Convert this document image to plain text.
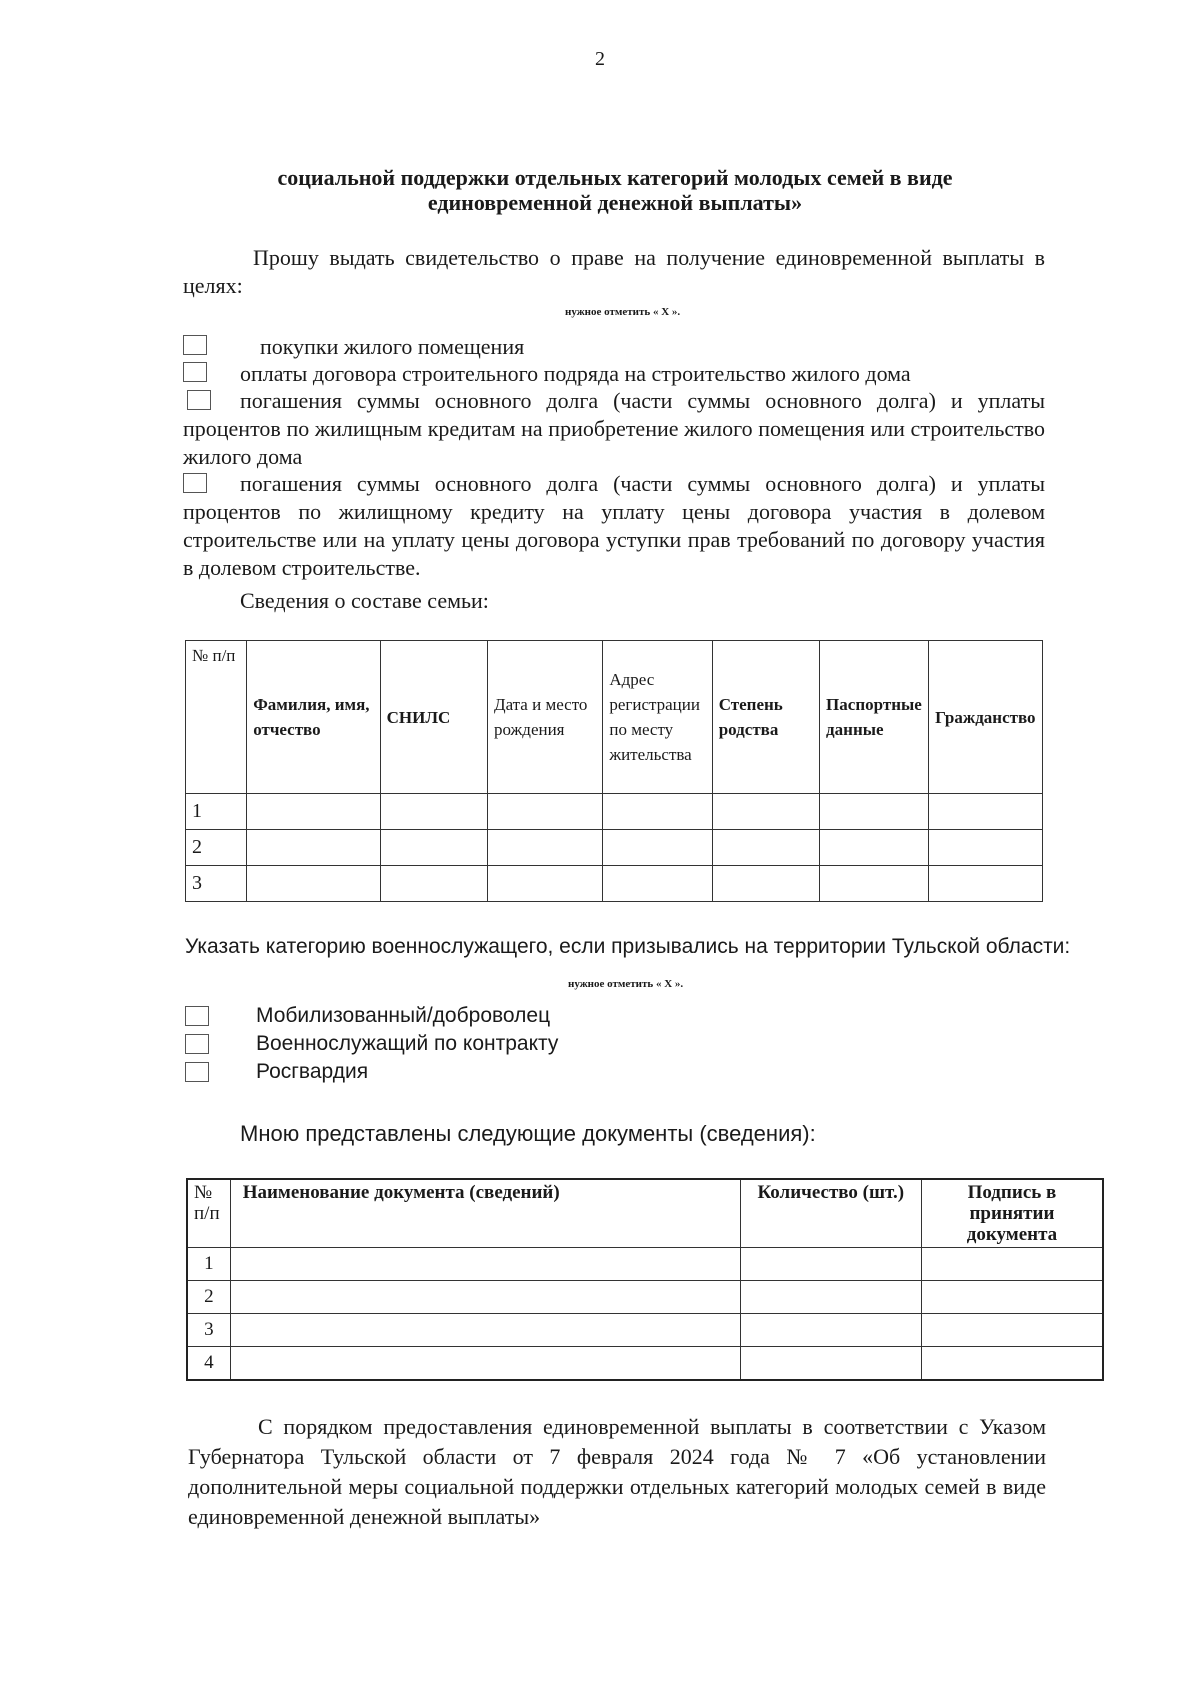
2
социальной поддержки отдельных категорий молодых семей в виде
единовременной денежной выплаты»
Прошу выдать свидетельство о праве на получение единовременной выплаты в целях:
нужное отметить « Х ».
покупки жилого помещения
оплаты договора строительного подряда на строительство жилого дома
погашения суммы основного долга (части суммы основного долга) и уплаты процентов по жилищным кредитам на приобретение жилого помещения или строительство жилого дома
погашения суммы основного долга (части суммы основного долга) и уплаты процентов по жилищному кредиту на уплату цены договора участия в долевом строительстве или на уплату цены договора уступки прав требований по договору участия в долевом строительстве.
Сведения о составе семьи:
№ п/п	Фамилия, имя, отчество	СНИЛС	Дата и место рождения	Адрес регистрации по месту жительства	Степень родства	Паспортные данные	Гражданство
1							
2							
3							
Указать категорию военнослужащего, если призывались на территории Тульской области:
нужное отметить « Х ».
Мобилизованный/доброволец
Военнослужащий по контракту
Росгвардия
Мною представлены следующие документы (сведения):
№ п/п	Наименование документа (сведений)	Количество (шт.)	Подпись в принятии документа
1			
2			
3			
4			
С порядком предоставления единовременной выплаты в соответствии с Указом Губернатора Тульской области от 7 февраля 2024 года № 7 «Об установлении дополнительной меры социальной поддержки отдельных категорий молодых семей в виде единовременной денежной выплаты»
